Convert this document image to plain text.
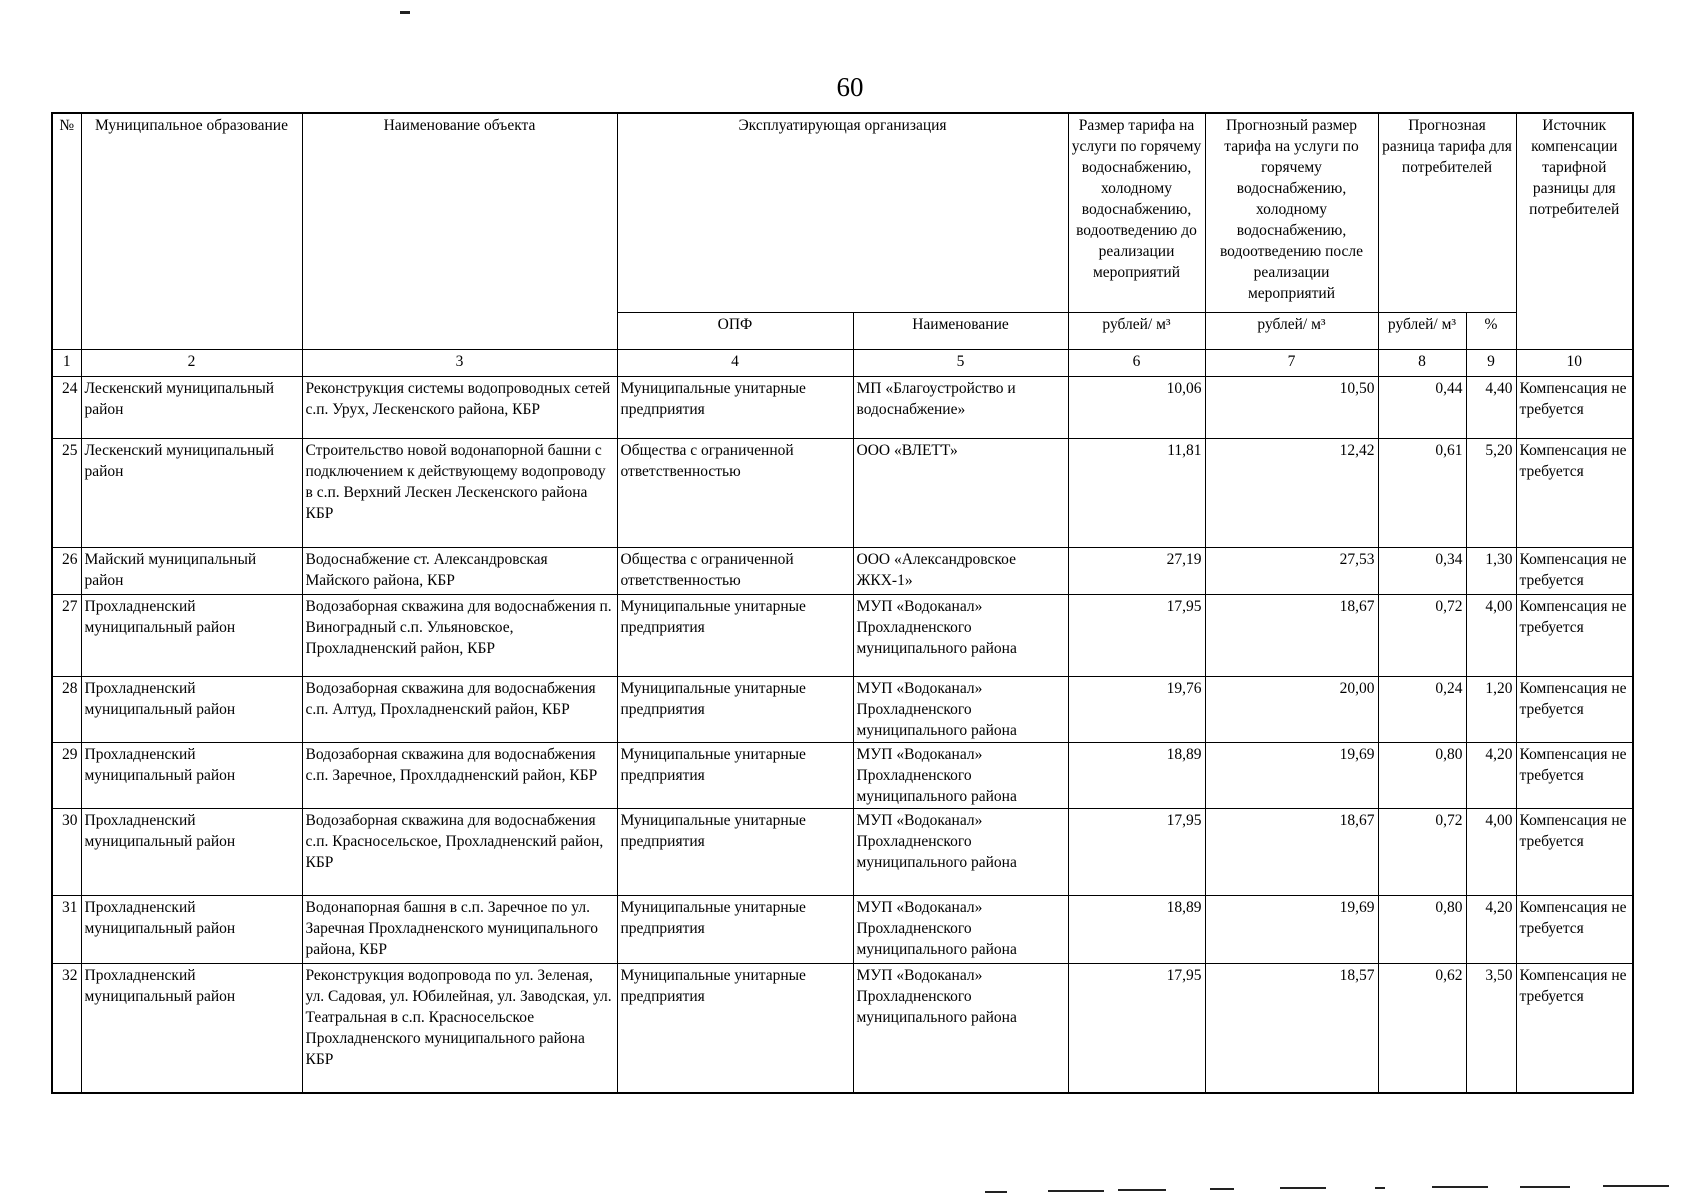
60
№	Муниципальное образование	Наименование объекта	Эксплуатирующая организация		Размер тарифа на услуги по горячему водоснабжению, холодному водоснабжению, водоотведению до реализации мероприятий	Прогнозный размер тарифа на услуги по горячему водоснабжению, холодному водоснабжению, водоотведению после реализации мероприятий	Прогнозная разница тарифа для потребителей		Источник компенсации тарифной разницы для потребителей
			ОПФ	Наименование	рублей/ м³	рублей/ м³	рублей/ м³	%	
1	2	3	4	5	6	7	8	9	10
24	Лескенский муниципальный район	Реконструкция системы водопроводных сетей с.п. Урух, Лескенского района, КБР	Муниципальные унитарные предприятия	МП «Благоустройство и водоснабжение»	10,06	10,50	0,44	4,40	Компенсация не требуется
25	Лескенский муниципальный район	Строительство новой водонапорной башни с подключением к действующему водопроводу в с.п. Верхний Лескен Лескенского района КБР	Общества с ограниченной ответственностью	ООО «ВЛЕТТ»	11,81	12,42	0,61	5,20	Компенсация не требуется
26	Майский муниципальный район	Водоснабжение ст. Александровская Майского района, КБР	Общества с ограниченной ответственностью	ООО «Александровское ЖКХ-1»	27,19	27,53	0,34	1,30	Компенсация не требуется
27	Прохладненский муниципальный район	Водозаборная скважина для водоснабжения п. Виноградный с.п. Ульяновское, Прохладненский район, КБР	Муниципальные унитарные предприятия	МУП «Водоканал» Прохладненского муниципального района	17,95	18,67	0,72	4,00	Компенсация не требуется
28	Прохладненский муниципальный район	Водозаборная скважина для водоснабжения с.п. Алтуд, Прохладненский район, КБР	Муниципальные унитарные предприятия	МУП «Водоканал» Прохладненского муниципального района	19,76	20,00	0,24	1,20	Компенсация не требуется
29	Прохладненский муниципальный район	Водозаборная скважина для водоснабжения с.п. Заречное, Прохлдадненский район, КБР	Муниципальные унитарные предприятия	МУП «Водоканал» Прохладненского муниципального района	18,89	19,69	0,80	4,20	Компенсация не требуется
30	Прохладненский муниципальный район	Водозаборная скважина для водоснабжения с.п. Красносельское, Прохладненский район, КБР	Муниципальные унитарные предприятия	МУП «Водоканал» Прохладненского муниципального района	17,95	18,67	0,72	4,00	Компенсация не требуется
31	Прохладненский муниципальный район	Водонапорная башня в с.п. Заречное по ул. Заречная Прохладненского муниципального района, КБР	Муниципальные унитарные предприятия	МУП «Водоканал» Прохладненского муниципального района	18,89	19,69	0,80	4,20	Компенсация не требуется
32	Прохладненский муниципальный район	Реконструкция водопровода по ул. Зеленая, ул. Садовая, ул. Юбилейная, ул. Заводская, ул. Театральная в с.п. Красносельское Прохладненского муниципального района КБР	Муниципальные унитарные предприятия	МУП «Водоканал» Прохладненского муниципального района	17,95	18,57	0,62	3,50	Компенсация не требуется
